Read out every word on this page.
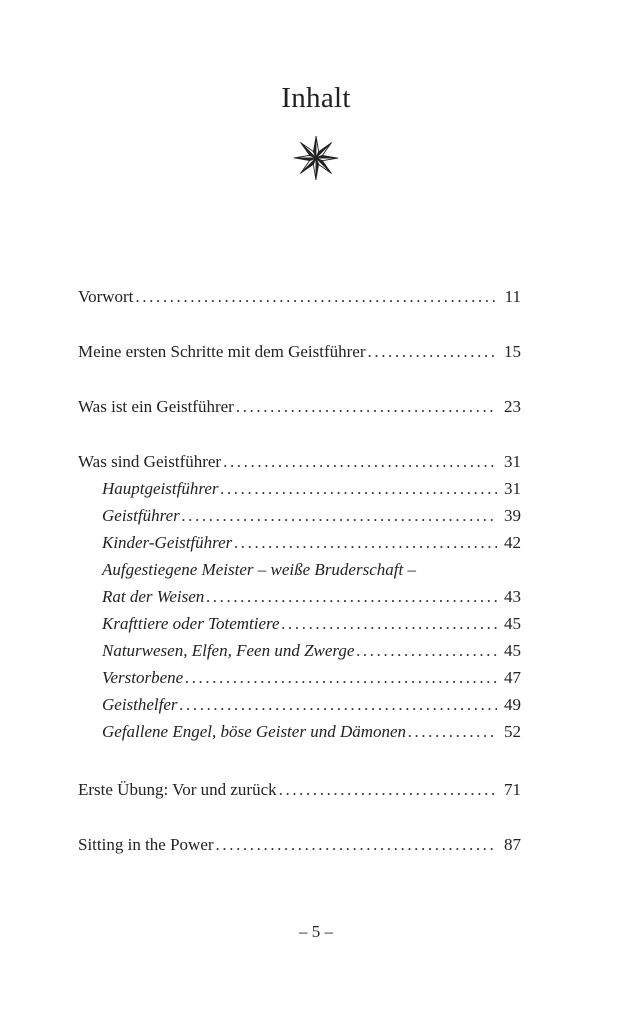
Inhalt
Vorwort .....	11
Meine ersten Schritte mit dem Geistführer .....	15
Was ist ein Geistführer .....	23
Was sind Geistführer .....	31
Hauptgeistführer .....	31
Geistführer .....	39
Kinder-Geistführer .....	42
Aufgestiegene Meister – weiße Bruderschaft –
Rat der Weisen .....	43
Krafttiere oder Totemtiere .....	45
Naturwesen, Elfen, Feen und Zwerge .....	45
Verstorbene .....	47
Geisthelfer .....	49
Gefallene Engel, böse Geister und Dämonen .....	52
Erste Übung: Vor und zurück .....	71
Sitting in the Power .....	87
– 5 –
